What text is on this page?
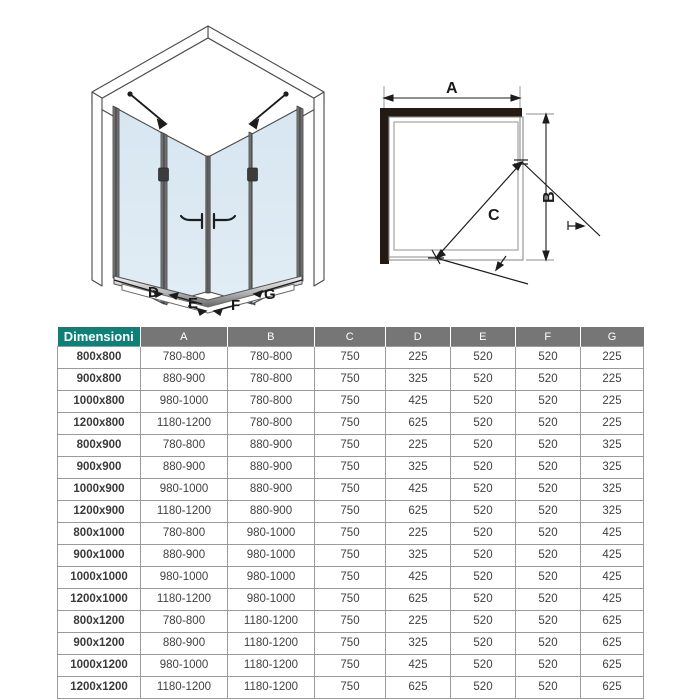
D
E F
G
A
B
C
Dimensioni	A	B	C	D	E	F	G
800x800	780-800	780-800	750	225	520	520	225
900x800	880-900	780-800	750	325	520	520	225
1000x800	980-1000	780-800	750	425	520	520	225
1200x800	1180-1200	780-800	750	625	520	520	225
800x900	780-800	880-900	750	225	520	520	325
900x900	880-900	880-900	750	325	520	520	325
1000x900	980-1000	880-900	750	425	520	520	325
1200x900	1180-1200	880-900	750	625	520	520	325
800x1000	780-800	980-1000	750	225	520	520	425
900x1000	880-900	980-1000	750	325	520	520	425
1000x1000	980-1000	980-1000	750	425	520	520	425
1200x1000	1180-1200	980-1000	750	625	520	520	425
800x1200	780-800	1180-1200	750	225	520	520	625
900x1200	880-900	1180-1200	750	325	520	520	625
1000x1200	980-1000	1180-1200	750	425	520	520	625
1200x1200	1180-1200	1180-1200	750	625	520	520	625
